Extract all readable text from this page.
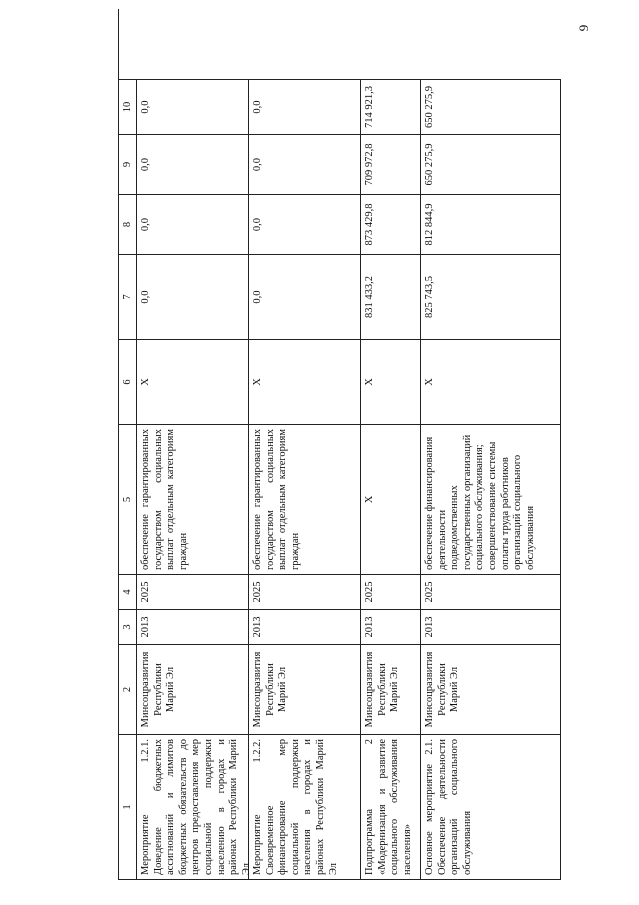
9
1
2
3
4
5
6
7
8
9
10
Мероприятие 1.2.1. Доведение бюджетных ассигнований и лимитов бюджетных обязательств до центров предоставления мер социальной поддержки населению в городах и районах Республики Марий Эл
Минсоцразвития Республики Марий Эл
2013
2025
обеспечение гарантированных государством социальных выплат отдельным категориям граждан
X
0,0
0,0
0,0
0,0
Мероприятие 1.2.2. Своевременное финансирование мер социальной поддержки населения в городах и районах Республики Марий Эл
Минсоцразвития Республики Марий Эл
2013
2025
обеспечение гарантированных государством социальных выплат отдельным категориям граждан
X
0,0
0,0
0,0
0,0
Подпрограмма 2 «Модернизация и развитие социального обслуживания населения»
Минсоцразвития Республики Марий Эл
2013
2025
X
X
831 433,2
873 429,8
709 972,8
714 921,3
Основное мероприятие 2.1. Обеспечение деятельности организаций социального обслуживания
Минсоцразвития Республики Марий Эл
2013
2025
обеспечение финансирования деятельности подведомственных государственных организаций социального обслуживания; совершенствование системы оплаты труда работников организаций социального обслуживания
X
825 743,5
812 844,9
650 275,9
650 275,9
